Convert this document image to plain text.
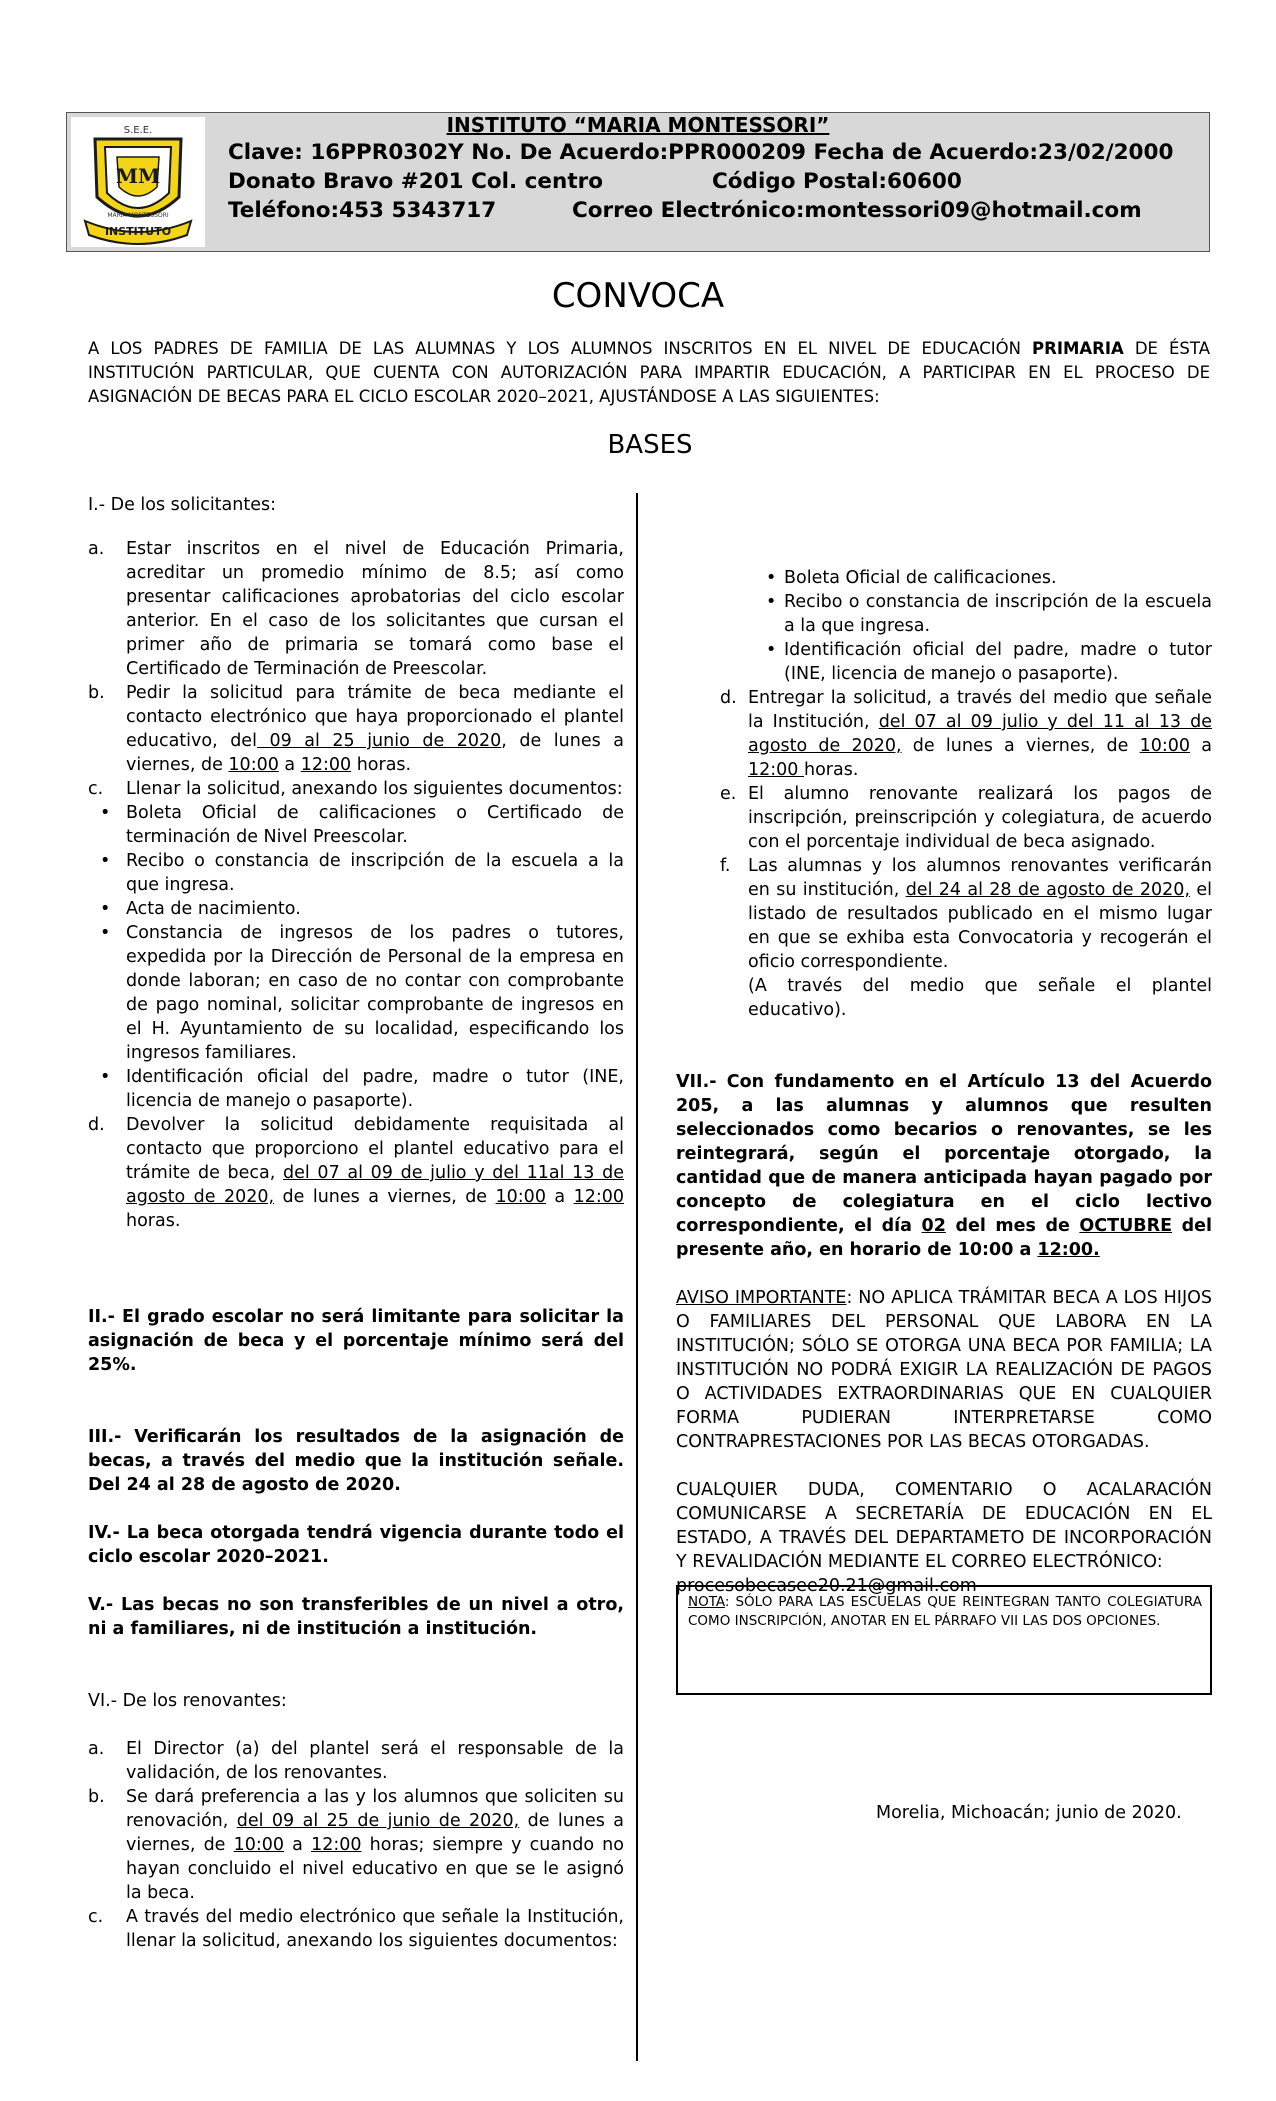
S.E.E.
MM
MARIA MONTESSORI
INSTITUTO
INSTITUTO “MARIA MONTESSORI”
Clave: 16PPR0302Y No. De Acuerdo:PPR000209 Fecha de Acuerdo:23/02/2000
Donato Bravo #201 Col. centro	Código Postal:60600
Teléfono:453 5343717	Correo Electrónico:montessori09@hotmail.com
CONVOCA
A LOS PADRES DE FAMILIA DE LAS ALUMNAS Y LOS ALUMNOS INSCRITOS EN EL NIVEL DE EDUCACIÓN PRIMARIA DE ÉSTA INSTITUCIÓN PARTICULAR, QUE CUENTA CON AUTORIZACIÓN PARA IMPARTIR EDUCACIÓN, A PARTICIPAR EN EL PROCESO DE ASIGNACIÓN DE BECAS PARA EL CICLO ESCOLAR 2020–2021, AJUSTÁNDOSE A LAS SIGUIENTES:
BASES
I.- De los solicitantes:
a. Estar inscritos en el nivel de Educación Primaria, acreditar un promedio mínimo de 8.5; así como presentar calificaciones aprobatorias del ciclo escolar anterior. En el caso de los solicitantes que cursan el primer año de primaria se tomará como base el Certificado de Terminación de Preescolar.
b. Pedir la solicitud para trámite de beca mediante el contacto electrónico que haya proporcionado el plantel educativo, del 09 al 25 junio de 2020, de lunes a viernes, de 10:00 a 12:00 horas.
c. Llenar la solicitud, anexando los siguientes documentos:
• Boleta Oficial de calificaciones o Certificado de terminación de Nivel Preescolar.
• Recibo o constancia de inscripción de la escuela a la que ingresa.
• Acta de nacimiento.
• Constancia de ingresos de los padres o tutores, expedida por la Dirección de Personal de la empresa en donde laboran; en caso de no contar con comprobante de pago nominal, solicitar comprobante de ingresos en el H. Ayuntamiento de su localidad, especificando los ingresos familiares.
• Identificación oficial del padre, madre o tutor (INE, licencia de manejo o pasaporte).
d. Devolver la solicitud debidamente requisitada al contacto que proporciono el plantel educativo para el trámite de beca, del 07 al 09 de julio y del 11al 13 de agosto de 2020, de lunes a viernes, de 10:00 a 12:00 horas.
II.- El grado escolar no será limitante para solicitar la asignación de beca y el porcentaje mínimo será del 25%.
III.- Verificarán los resultados de la asignación de becas, a través del medio que la institución señale. Del 24 al 28 de agosto de 2020.
IV.- La beca otorgada tendrá vigencia durante todo el ciclo escolar 2020–2021.
V.- Las becas no son transferibles de un nivel a otro, ni a familiares, ni de institución a institución.
VI.- De los renovantes:
a. El Director (a) del plantel será el responsable de la validación, de los renovantes.
b. Se dará preferencia a las y los alumnos que soliciten su renovación, del 09 al 25 de junio de 2020, de lunes a viernes, de 10:00 a 12:00 horas; siempre y cuando no hayan concluido el nivel educativo en que se le asignó la beca.
c. A través del medio electrónico que señale la Institución, llenar la solicitud, anexando los siguientes documentos:
• Boleta Oficial de calificaciones.
• Recibo o constancia de inscripción de la escuela a la que ingresa.
• Identificación oficial del padre, madre o tutor (INE, licencia de manejo o pasaporte).
d. Entregar la solicitud, a través del medio que señale la Institución, del 07 al 09 julio y del 11 al 13 de agosto de 2020, de lunes a viernes, de 10:00 a 12:00 horas.
e. El alumno renovante realizará los pagos de inscripción, preinscripción y colegiatura, de acuerdo con el porcentaje individual de beca asignado.
f. Las alumnas y los alumnos renovantes verificarán en su institución, del 24 al 28 de agosto de 2020, el listado de resultados publicado en el mismo lugar en que se exhiba esta Convocatoria y recogerán el oficio correspondiente.
(A través del medio que señale el plantel educativo).
VII.- Con fundamento en el Artículo 13 del Acuerdo 205, a las alumnas y alumnos que resulten seleccionados como becarios o renovantes, se les reintegrará, según el porcentaje otorgado, la cantidad que de manera anticipada hayan pagado por concepto de colegiatura en el ciclo lectivo correspondiente, el día 02 del mes de OCTUBRE del presente año, en horario de 10:00 a 12:00.
AVISO IMPORTANTE: NO APLICA TRÁMITAR BECA A LOS HIJOS O FAMILIARES DEL PERSONAL QUE LABORA EN LA INSTITUCIÓN; SÓLO SE OTORGA UNA BECA POR FAMILIA; LA INSTITUCIÓN NO PODRÁ EXIGIR LA REALIZACIÓN DE PAGOS O ACTIVIDADES EXTRAORDINARIAS QUE EN CUALQUIER FORMA PUDIERAN INTERPRETARSE COMO CONTRAPRESTACIONES POR LAS BECAS OTORGADAS.
CUALQUIER DUDA, COMENTARIO O ACALARACIÓN COMUNICARSE A SECRETARÍA DE EDUCACIÓN EN EL ESTADO, A TRAVÉS DEL DEPARTAMETO DE INCORPORACIÓN Y REVALIDACIÓN MEDIANTE EL CORREO ELECTRÓNICO:
procesobecasee20.21@gmail.com
NOTA: SÓLO PARA LAS ESCUELAS QUE REINTEGRAN TANTO COLEGIATURA COMO INSCRIPCIÓN, ANOTAR EN EL PÁRRAFO VII LAS DOS OPCIONES.
Morelia, Michoacán; junio de 2020.
